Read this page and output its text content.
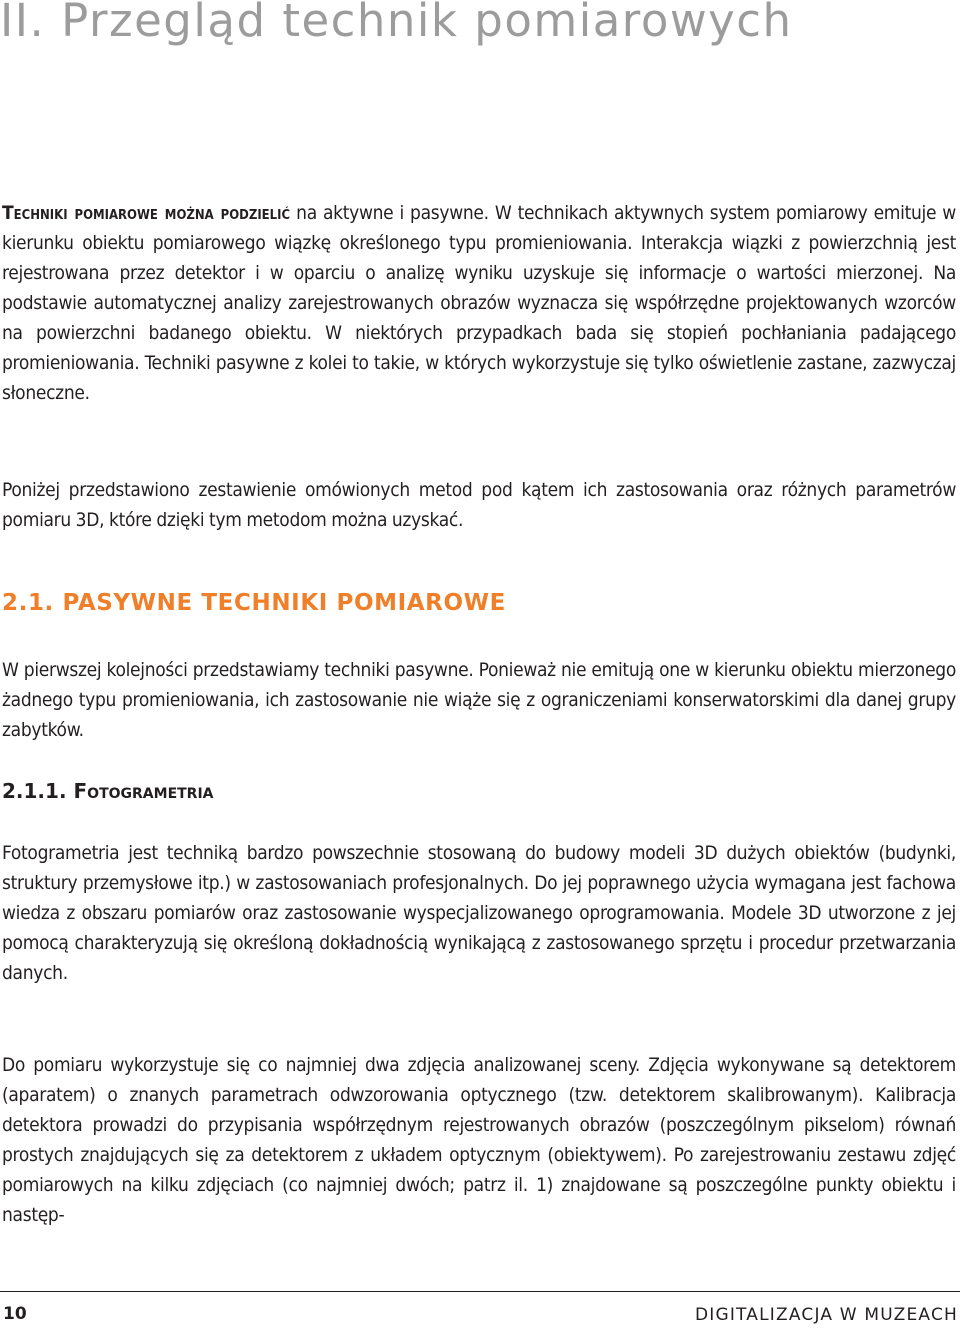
II. Przegląd technik pomiarowych

Techniki pomiarowe można podzielić na aktywne i pasywne. W technikach aktywnych system pomiarowy emituje w kierunku obiektu pomiarowego wiązkę określonego typu promieniowania. Interakcja wiązki z powierzchnią jest rejestrowana przez detektor i w oparciu o analizę wyniku uzyskuje się informacje o wartości mierzonej. Na podstawie automatycznej analizy zarejestrowanych obrazów wyznacza się współrzędne projektowanych wzorców na powierzchni badanego obiektu. W niektórych przypadkach bada się stopień pochłaniania padającego promieniowania. Techniki pasywne z kolei to takie, w których wykorzystuje się tylko oświetlenie zastane, zazwyczaj słoneczne.

Poniżej przedstawiono zestawienie omówionych metod pod kątem ich zastosowania oraz różnych parametrów pomiaru 3D, które dzięki tym metodom można uzyskać.

2.1. PASYWNE TECHNIKI POMIAROWE

W pierwszej kolejności przedstawiamy techniki pasywne. Ponieważ nie emitują one w kierunku obiektu mierzonego żadnego typu promieniowania, ich zastosowanie nie wiąże się z ograniczeniami konserwatorskimi dla danej grupy zabytków.

2.1.1. Fotogrametria

Fotogrametria jest techniką bardzo powszechnie stosowaną do budowy modeli 3D dużych obiektów (budynki, struktury przemysłowe itp.) w zastosowaniach profesjonalnych. Do jej poprawnego użycia wymagana jest fachowa wiedza z obszaru pomiarów oraz zastosowanie wyspecjalizowanego oprogramowania. Modele 3D utworzone z jej pomocą charakteryzują się określoną dokładnością wynikającą z zastosowanego sprzętu i procedur przetwarzania danych.

Do pomiaru wykorzystuje się co najmniej dwa zdjęcia analizowanej sceny. Zdjęcia wykonywane są detektorem (aparatem) o znanych parametrach odwzorowania optycznego (tzw. detektorem skalibrowanym). Kalibracja detektora prowadzi do przypisania współrzędnym rejestrowanych obrazów (poszczególnym pikselom) równań prostych znajdujących się za detektorem z układem optycznym (obiektywem). Po zarejestrowaniu zestawu zdjęć pomiarowych na kilku zdjęciach (co najmniej dwóch; patrz il. 1) znajdowane są poszczególne punkty obiektu i następ-

10	DIGITALIZACJA W MUZEACH
